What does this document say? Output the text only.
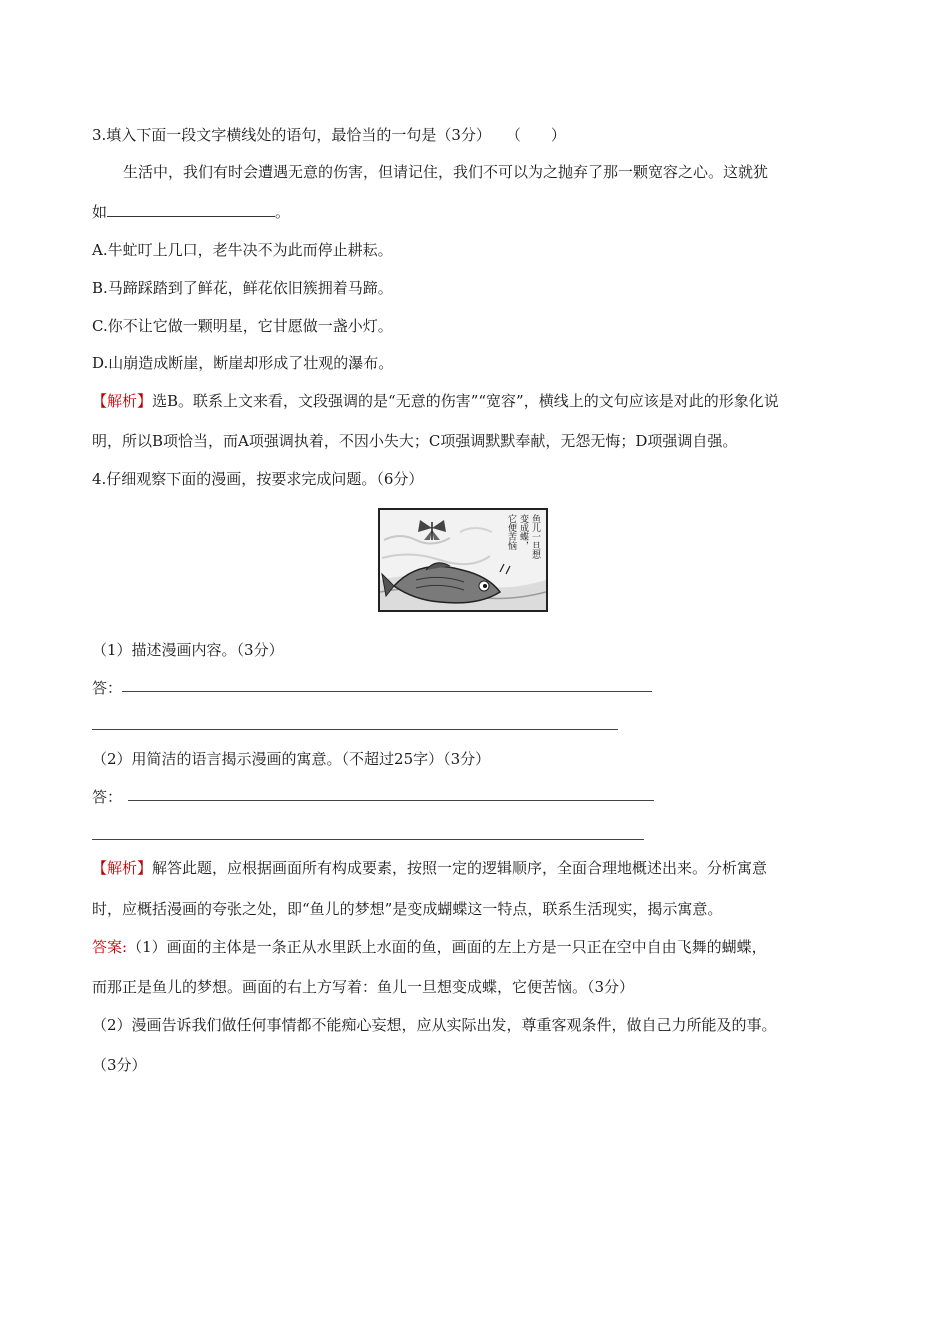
3.填入下面一段文字横线处的语句，最恰当的一句是（3分）　　（　　）
生活中，我们有时会遭遇无意的伤害，但请记住，我们不可以为之抛弃了那一颗宽容之心。这就犹
如	。
A.牛虻叮上几口，老牛决不为此而停止耕耘。
B.马蹄踩踏到了鲜花，鲜花依旧簇拥着马蹄。
C.你不让它做一颗明星，它甘愿做一盏小灯。
D.山崩造成断崖，断崖却形成了壮观的瀑布。
【解析】选B。联系上文来看，文段强调的是“无意的伤害”“宽容”，横线上的文句应该是对此的形象化说
明，所以B项恰当，而A项强调执着，不因小失大；C项强调默默奉献，无怨无悔；D项强调自强。
4.仔细观察下面的漫画，按要求完成问题。（6分）
鱼儿一旦想
变成蝶，
它便苦恼
（1）描述漫画内容。（3分）
答：
（2）用简洁的语言揭示漫画的寓意。（不超过25字）（3分）
答：
【解析】解答此题，应根据画面所有构成要素，按照一定的逻辑顺序，全面合理地概述出来。分析寓意
时，应概括漫画的夸张之处，即“鱼儿的梦想”是变成蝴蝶这一特点，联系生活现实，揭示寓意。
答案:（1）画面的主体是一条正从水里跃上水面的鱼，画面的左上方是一只正在空中自由飞舞的蝴蝶，
而那正是鱼儿的梦想。画面的右上方写着：鱼儿一旦想变成蝶，它便苦恼。（3分）
（2）漫画告诉我们做任何事情都不能痴心妄想，应从实际出发，尊重客观条件，做自己力所能及的事。
（3分）
